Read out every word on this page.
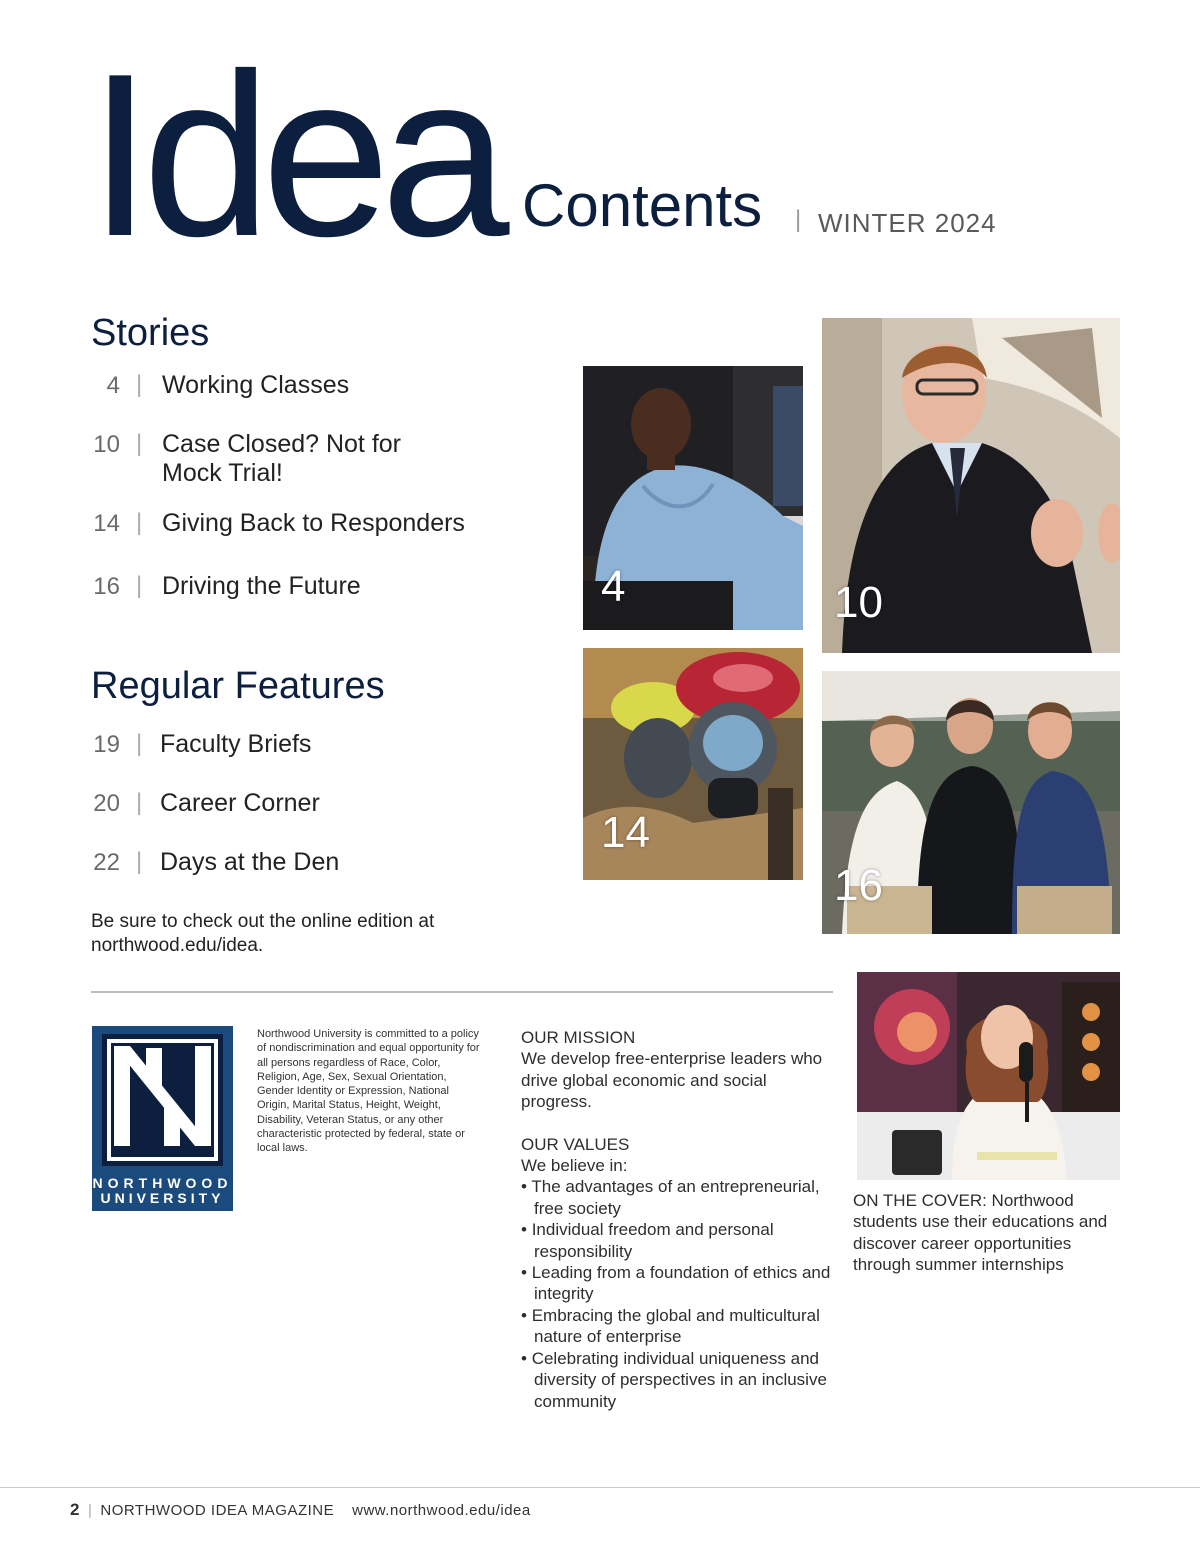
Idea Contents | WINTER 2024
Stories
4 | Working Classes
10 | Case Closed? Not for Mock Trial!
14 | Giving Back to Responders
16 | Driving the Future
Regular Features
19 | Faculty Briefs
20 | Career Corner
22 | Days at the Den
Be sure to check out the online edition at northwood.edu/idea.
4	10
14
16
NORTHWOOD
UNIVERSITY
Northwood University is committed to a policy of nondiscrimination and equal opportunity for all persons regardless of Race, Color, Religion, Age, Sex, Sexual Orientation, Gender Identity or Expression, National Origin, Marital Status, Height, Weight, Disability, Veteran Status, or any other characteristic protected by federal, state or local laws.

OUR MISSION

We develop free-enterprise leaders who drive global economic and social progress.

OUR VALUES

We believe in:

• The advantages of an entrepreneurial, free society
• Individual freedom and personal responsibility
• Leading from a foundation of ethics and integrity
• Embracing the global and multicultural nature of enterprise
• Celebrating individual uniqueness and diversity of perspectives in an inclusive community
ON THE COVER: Northwood students use their educations and discover career opportunities through summer internships
2 | NORTHWOOD IDEA MAGAZINE www.northwood.edu/idea
